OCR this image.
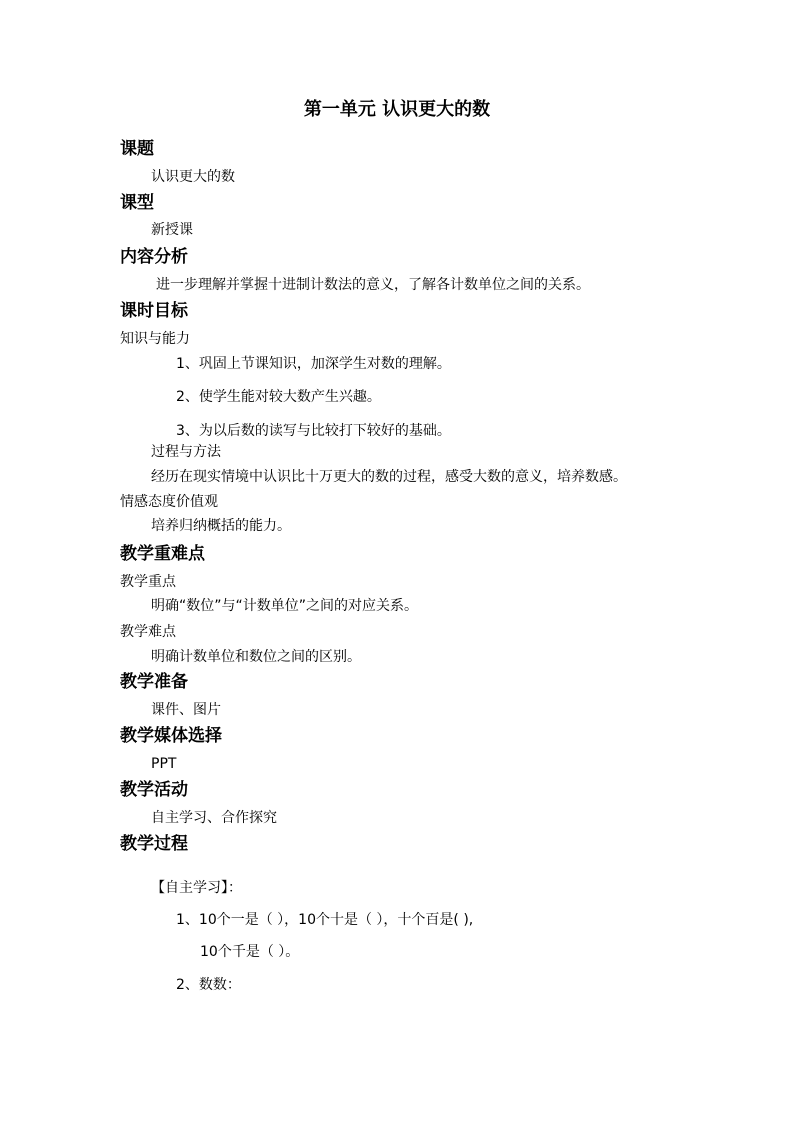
第一单元 认识更大的数
课题
认识更大的数
课型
新授课
内容分析
进一步理解并掌握十进制计数法的意义，了解各计数单位之间的关系。
课时目标
知识与能力
1、巩固上节课知识，加深学生对数的理解。
2、使学生能对较大数产生兴趣。
3、为以后数的读写与比较打下较好的基础。
过程与方法
经历在现实情境中认识比十万更大的数的过程，感受大数的意义，培养数感。
情感态度价值观
培养归纳概括的能力。
教学重难点
教学重点
明确“数位”与“计数单位”之间的对应关系。
教学难点
明确计数单位和数位之间的区别。
教学准备
课件、图片
教学媒体选择
PPT
教学活动
自主学习、合作探究
教学过程
【自主学习】：
1、10个一是（ ），10个十是（ ），十个百是( ),
10个千是（ ）。
2、数数：
